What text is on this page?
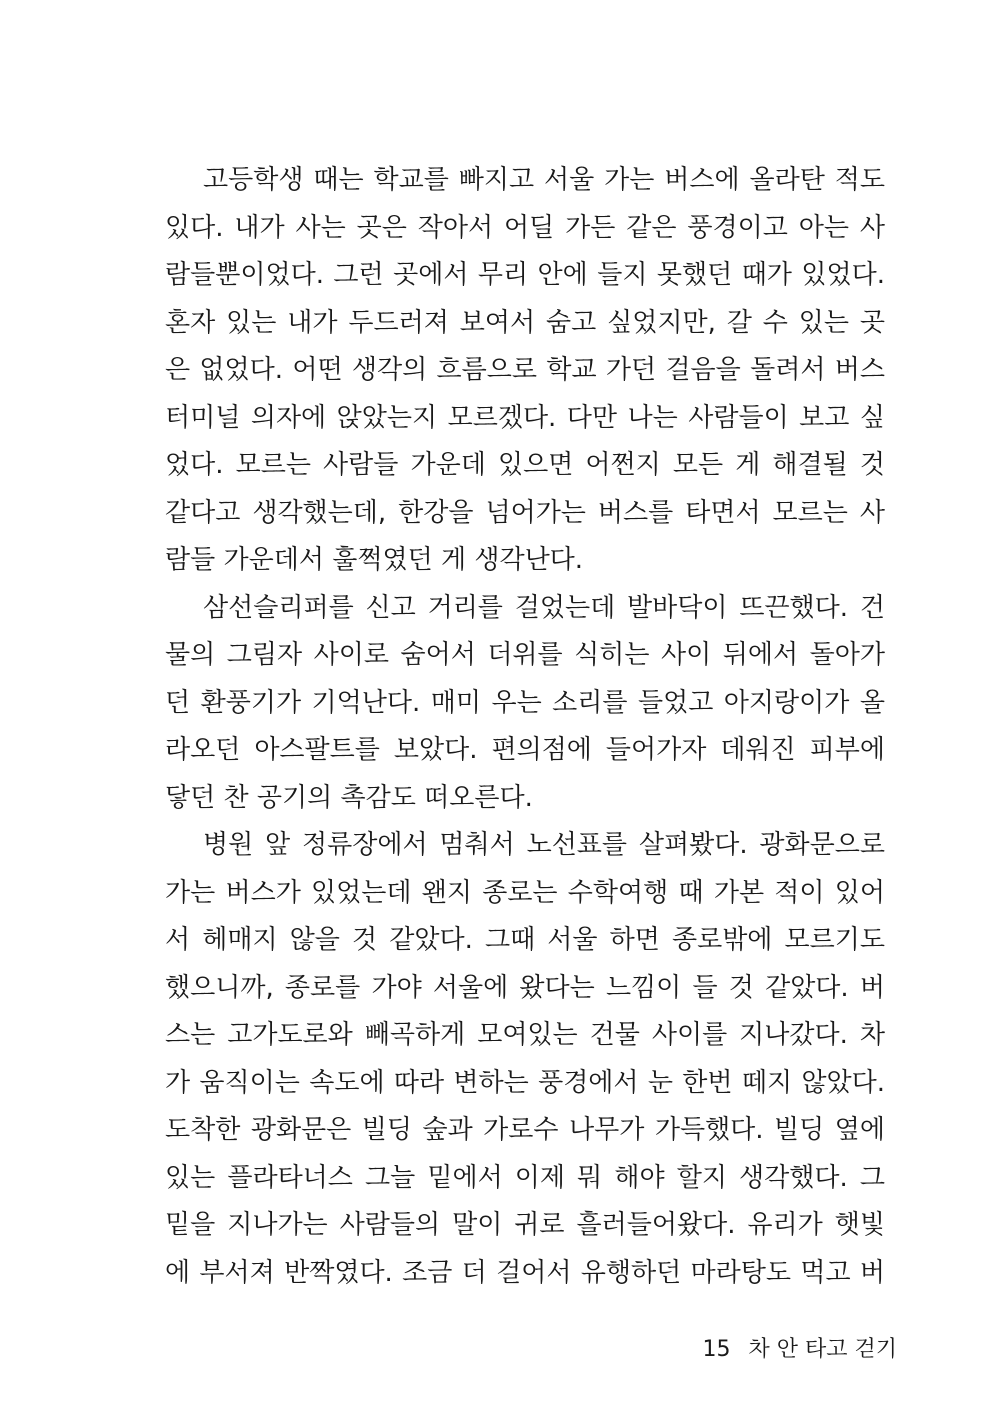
고등학생 때는 학교를 빠지고 서울 가는 버스에 올라탄 적도
있다. 내가 사는 곳은 작아서 어딜 가든 같은 풍경이고 아는 사
람들뿐이었다. 그런 곳에서 무리 안에 들지 못했던 때가 있었다.
혼자 있는 내가 두드러져 보여서 숨고 싶었지만, 갈 수 있는 곳
은 없었다. 어떤 생각의 흐름으로 학교 가던 걸음을 돌려서 버스
터미널 의자에 앉았는지 모르겠다. 다만 나는 사람들이 보고 싶
었다. 모르는 사람들 가운데 있으면 어쩐지 모든 게 해결될 것
같다고 생각했는데, 한강을 넘어가는 버스를 타면서 모르는 사
람들 가운데서 훌쩍였던 게 생각난다.
삼선슬리퍼를 신고 거리를 걸었는데 발바닥이 뜨끈했다. 건
물의 그림자 사이로 숨어서 더위를 식히는 사이 뒤에서 돌아가
던 환풍기가 기억난다. 매미 우는 소리를 들었고 아지랑이가 올
라오던 아스팔트를 보았다. 편의점에 들어가자 데워진 피부에
닿던 찬 공기의 촉감도 떠오른다.
병원 앞 정류장에서 멈춰서 노선표를 살펴봤다. 광화문으로
가는 버스가 있었는데 왠지 종로는 수학여행 때 가본 적이 있어
서 헤매지 않을 것 같았다. 그때 서울 하면 종로밖에 모르기도
했으니까, 종로를 가야 서울에 왔다는 느낌이 들 것 같았다. 버
스는 고가도로와 빼곡하게 모여있는 건물 사이를 지나갔다. 차
가 움직이는 속도에 따라 변하는 풍경에서 눈 한번 떼지 않았다.
도착한 광화문은 빌딩 숲과 가로수 나무가 가득했다. 빌딩 옆에
있는 플라타너스 그늘 밑에서 이제 뭐 해야 할지 생각했다. 그
밑을 지나가는 사람들의 말이 귀로 흘러들어왔다. 유리가 햇빛
에 부서져 반짝였다. 조금 더 걸어서 유행하던 마라탕도 먹고 버
15 차 안 타고 걷기
